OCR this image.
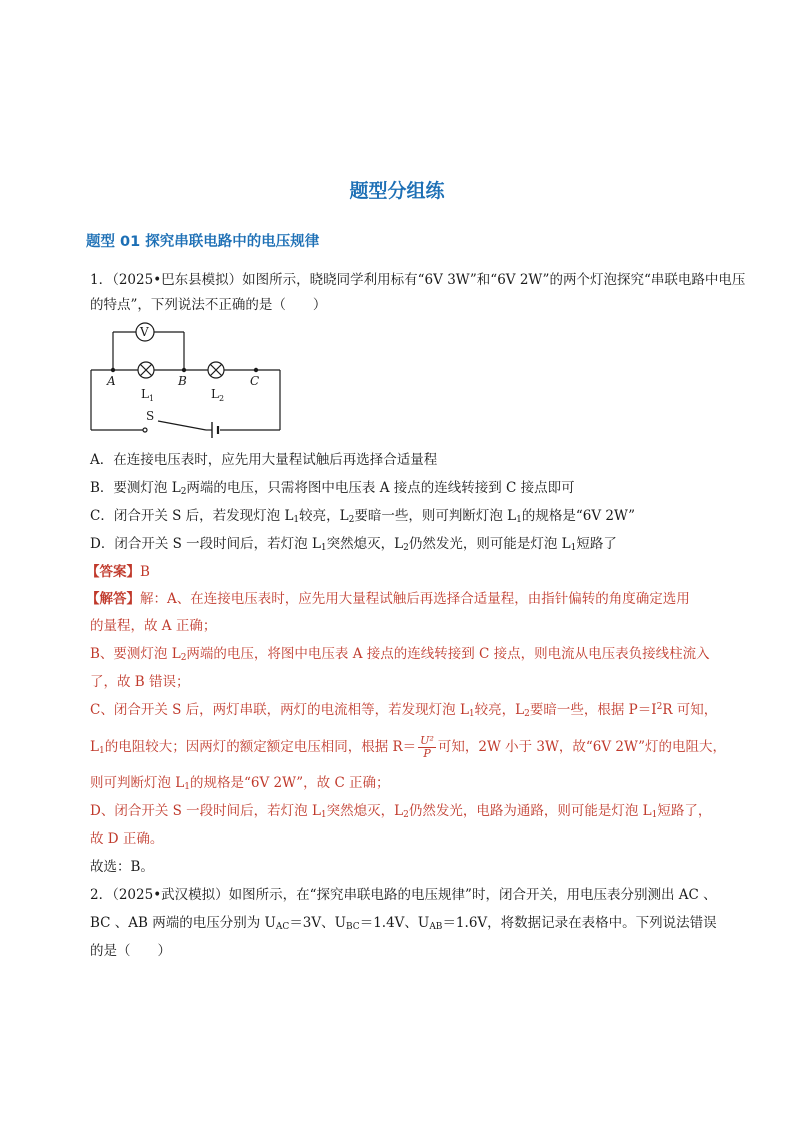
题型分组练
题型 01 探究串联电路中的电压规律
1．（2025•巴东县模拟）如图所示，晓晓同学利用标有“6V 3W”和“6V 2W”的两个灯泡探究“串联电路中电压
的特点”，下列说法不正确的是（　　）
V
A	B	C
L 1	L 2
S
A．在连接电压表时，应先用大量程试触后再选择合适量程
B．要测灯泡 $L_2$两端的电压，只需将图中电压表 A 接点的连线转接到 C 接点即可
C．闭合开关 S 后，若发现灯泡 $L_1$较亮，$L_2$要暗一些，则可判断灯泡 $L_1$的规格是“6V 2W”
D．闭合开关 S 一段时间后，若灯泡 $L_1$突然熄灭，$L_2$仍然发光，则可能是灯泡 $L_1$短路了
【答案】B
【解答】解：A、在连接电压表时，应先用大量程试触后再选择合适量程，由指针偏转的角度确定选用
的量程，故 A 正确；
B、要测灯泡 $L_2$两端的电压，将图中电压表 A 接点的连线转接到 C 接点，则电流从电压表负接线柱流入
了，故 B 错误；
C、闭合开关 S 后，两灯串联，两灯的电流相等，若发现灯泡 $L_1$较亮，$L_2$要暗一些，根据 $P=I^2R$ 可知，
$L_1$的电阻较大；因两灯的额定额定电压相同，根据 $R= \frac{\text{U²}}{P}$ 可知，2W 小于 3W，故“6V 2W”灯的电阻大，
则可判断灯泡 $L_1$的规格是“6V 2W”，故 C 正确；
D、闭合开关 S 一段时间后，若灯泡 $L_1$突然熄灭，$L_2$仍然发光，电路为通路，则可能是灯泡 $L_1$短路了，
故 D 正确。
故选：B。
2．（2025•武汉模拟）如图所示，在“探究串联电路的电压规律”时，闭合开关，用电压表分别测出 AC 、
BC 、AB 两端的电压分别为 $U_{AC}=3V$、$U_{BC}=1.4V$、$U_{AB}=1.6V$，将数据记录在表格中。下列说法错误
的是（　　）
